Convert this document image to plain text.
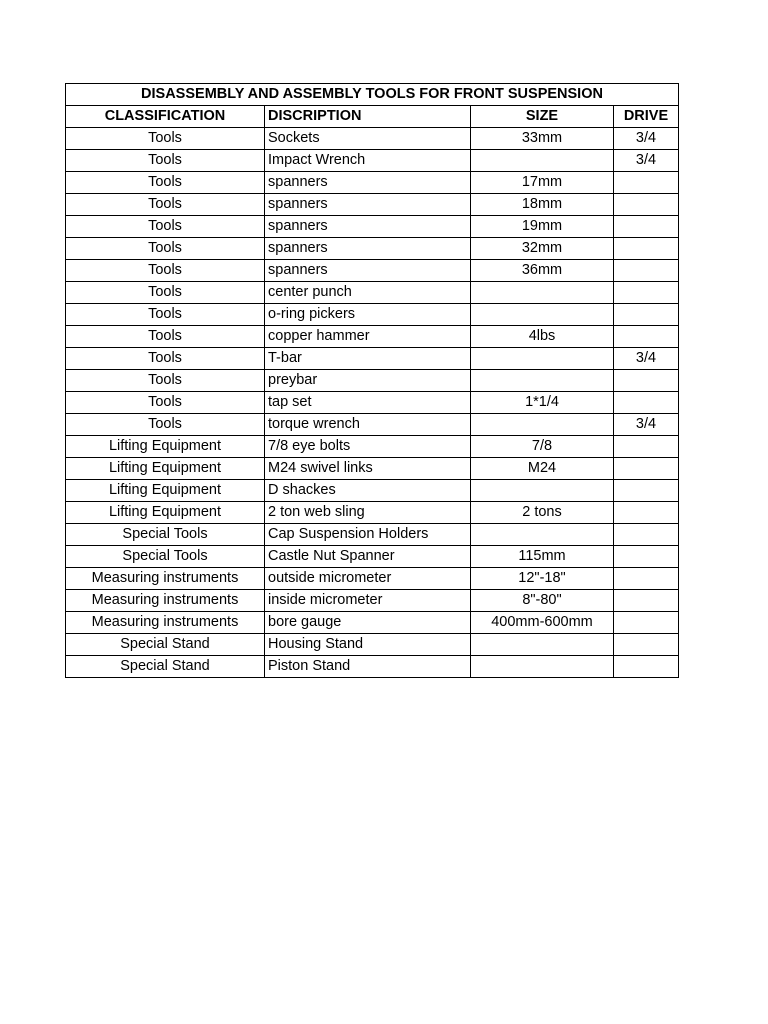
DISASSEMBLY AND ASSEMBLY TOOLS FOR FRONT SUSPENSION			
CLASSIFICATION	DISCRIPTION	SIZE	DRIVE
Tools	Sockets	33mm	3/4
Tools	Impact Wrench		3/4
Tools	spanners	17mm	
Tools	spanners	18mm	
Tools	spanners	19mm	
Tools	spanners	32mm	
Tools	spanners	36mm	
Tools	center punch		
Tools	o-ring pickers		
Tools	copper hammer	4lbs	
Tools	T-bar		3/4
Tools	preybar		
Tools	tap set	1*1/4	
Tools	torque wrench		3/4
Lifting Equipment	7/8 eye bolts	7/8	
Lifting Equipment	M24 swivel links	M24	
Lifting Equipment	D shackes		
Lifting Equipment	2 ton web sling	2 tons	
Special Tools	Cap Suspension Holders		
Special Tools	Castle Nut Spanner	115mm	
Measuring instruments	outside micrometer	12"-18"	
Measuring instruments	inside micrometer	8"-80"	
Measuring instruments	bore gauge	400mm-600mm	
Special Stand	Housing Stand		
Special Stand	Piston Stand		
